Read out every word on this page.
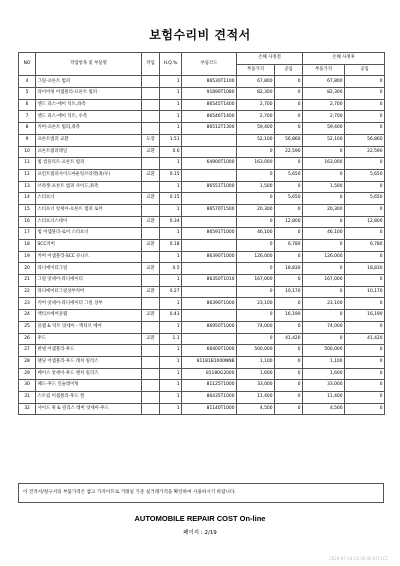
보험수리비 견적서
NO	작업항목 및 부품명	작업	H.Q.%	부품코드	손해 사정전		손해 사정후	
					부품가격	공임	부품가격	공임
4	그릴-프론트 범퍼		1	86530T1100	67,800	0	67,800	0
5	라이어핑 어셈블리-프론트 범퍼		1	91890T1080	82,300	0	82,300	0
6	엔드 피스-에어 덕트,좌측		1	86545T1400	2,700	0	2,700	0
7	엔드 피스-에어 덕트, 우측		1	86546T1400	2,700	0	2,700	0
8	커버-프론트 범퍼,좌측		1	86512T1300	59,400	0	59,400	0
9	프론트범퍼 교환	도장	1.51		52,100	56,860	52,100	56,860
10	프론트범퍼레일	교환	0.6		0	22,590	0	22,590
11	빔 컴플리트-프론트 범퍼		1	64900T1000	163,000	0	163,000	0
12	프런트범퍼사이드마운팅브라켓(좌/우)	교환	0.15		0	5,650	0	5,650
13	브라켓-프론트 범퍼 사이드,좌측		1	86551T1000	1,500	0	1,500	0
14	스티프너	교환	0.15		0	5,650	0	5,650
15	스티프너 앗세이-프론트 범퍼 로어		1	86570T1500	20,300	0	20,300	0
16	스티프너스테이	교환	0.34		0	12,800	0	12,800
17	빔 어셈블리-로어 스티프너		1	86591T1000	46,100	0	46,100	0
18	SCC커버	교환	0.18		0	6,780	0	6,780
19	커버 어셈블리-SCC 유니트		1	86390T1000	126,000	0	126,000	0
20	라디에이터그릴	교환	0.5		0	18,830	0	18,830
21	그릴 앗세이-라디에이터		1	86350T1010	167,000	0	167,000	0
22	라디에이터그릴상부커버	교환	0.27		0	10,170	0	10,170
23	커버 앗세이-라디에이터 그릴 상부		1	86390T1000	23,100	0	23,100	0
24	액티브에어플랩	교환	0.43		0	16,190	0	16,190
25	플랩 & 덕트 앗세이 - 액티브 에어		1	86950T1000	74,000	0	74,000	0
26	후드	교환	1.1		0	41,420	0	41,420
27	판넬 어셈블리-후드		1	66400T1000	500,000	0	500,000	0
28	랜딩 어셈블리-후드 래치 릴리스		1	81181B1000NNB	1,100	0	1,100	0
29	베어스 앗세이-후드 랜치 릴리즈		1	81180G2000	1,600	0	1,600	0
30	패드-후드 인슐레이팅		1	81125T1000	33,000	0	33,000	0
31	스트립 어셈블리-후드 씰		1	86435T1000	11,400	0	11,400	0
32	사이드 훅 & 릴리스 레버 앗세이-후드		1	81140T1000	4,500	0	4,500	0
이 견적서/청구서의 부품가격은 참고 가격이므로 거래일 기준 실거래가격을 확인하여 사용하시기 바랍니다.
AUTOMOBILE REPAIR COST On-line
페이지 : 2/19
2024-07-24 13:30:46 KT11CT
